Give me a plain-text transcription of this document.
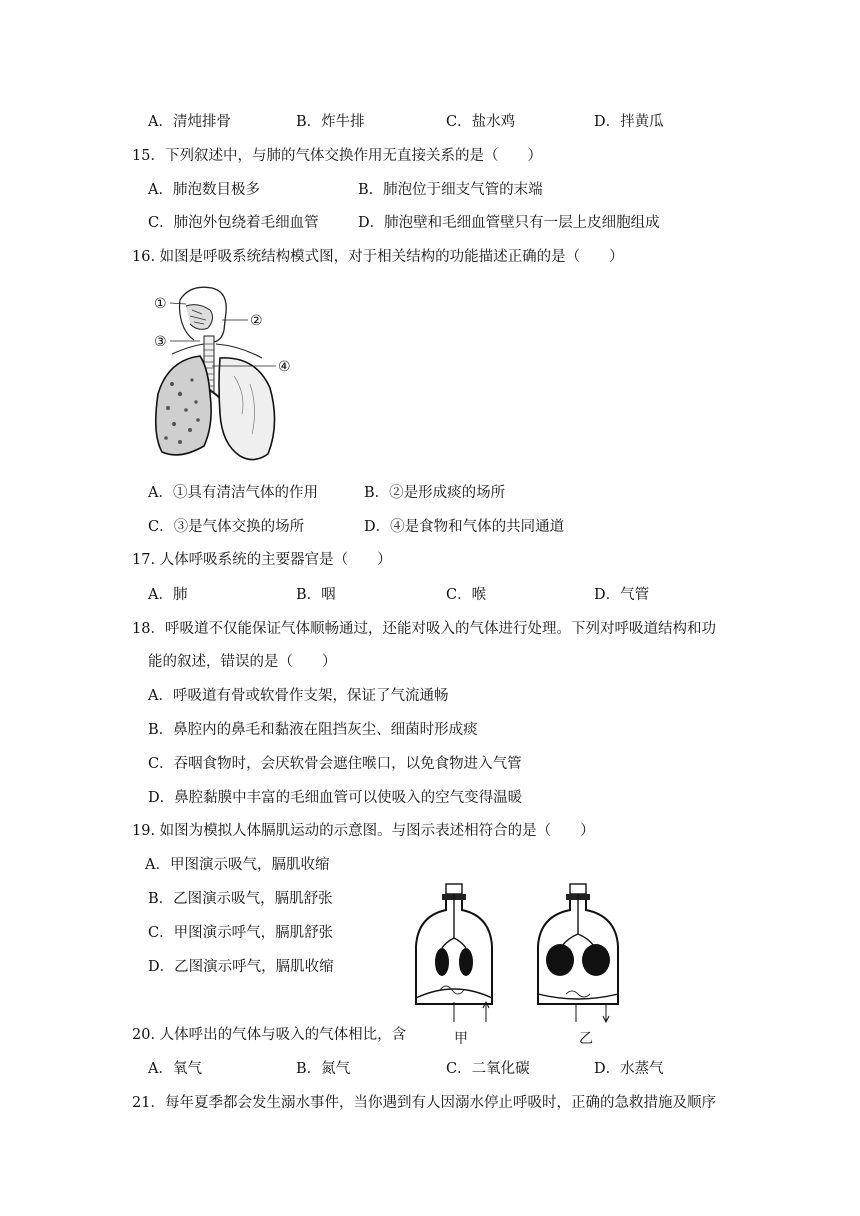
A．清炖排骨	B．炸牛排	C．盐水鸡	D．拌黄瓜
15．下列叙述中，与肺的气体交换作用无直接关系的是（　　）
A．肺泡数目极多	B．肺泡位于细支气管的末端
C．肺泡外包绕着毛细血管	D．肺泡壁和毛细血管壁只有一层上皮细胞组成
16. 如图是呼吸系统结构模式图，对于相关结构的功能描述正确的是（　　）
①
②
③
④
A．①具有清洁气体的作用	B．②是形成痰的场所
C．③是气体交换的场所	D．④是食物和气体的共同通道
17. 人体呼吸系统的主要器官是（　　）
A．肺	B．咽	C．喉	D．气管
18．呼吸道不仅能保证气体顺畅通过，还能对吸入的气体进行处理。下列对呼吸道结构和功
能的叙述，错误的是（　　）
A．呼吸道有骨或软骨作支架，保证了气流通畅
B．鼻腔内的鼻毛和黏液在阻挡灰尘、细菌时形成痰
C．吞咽食物时，会厌软骨会遮住喉口，以免食物进入气管
D．鼻腔黏膜中丰富的毛细血管可以使吸入的空气变得温暖
19. 如图为模拟人体膈肌运动的示意图。与图示表述相符合的是（　　）
A．甲图演示吸气，膈肌收缩
B．乙图演示吸气，膈肌舒张
C．甲图演示呼气，膈肌舒张
D．乙图演示呼气，膈肌收缩
甲	乙
20. 人体呼出的气体与吸入的气体相比，含
A．氧气	B．氮气	C．二氧化碳	D．水蒸气
21．每年夏季都会发生溺水事件，当你遇到有人因溺水停止呼吸时，正确的急救措施及顺序
